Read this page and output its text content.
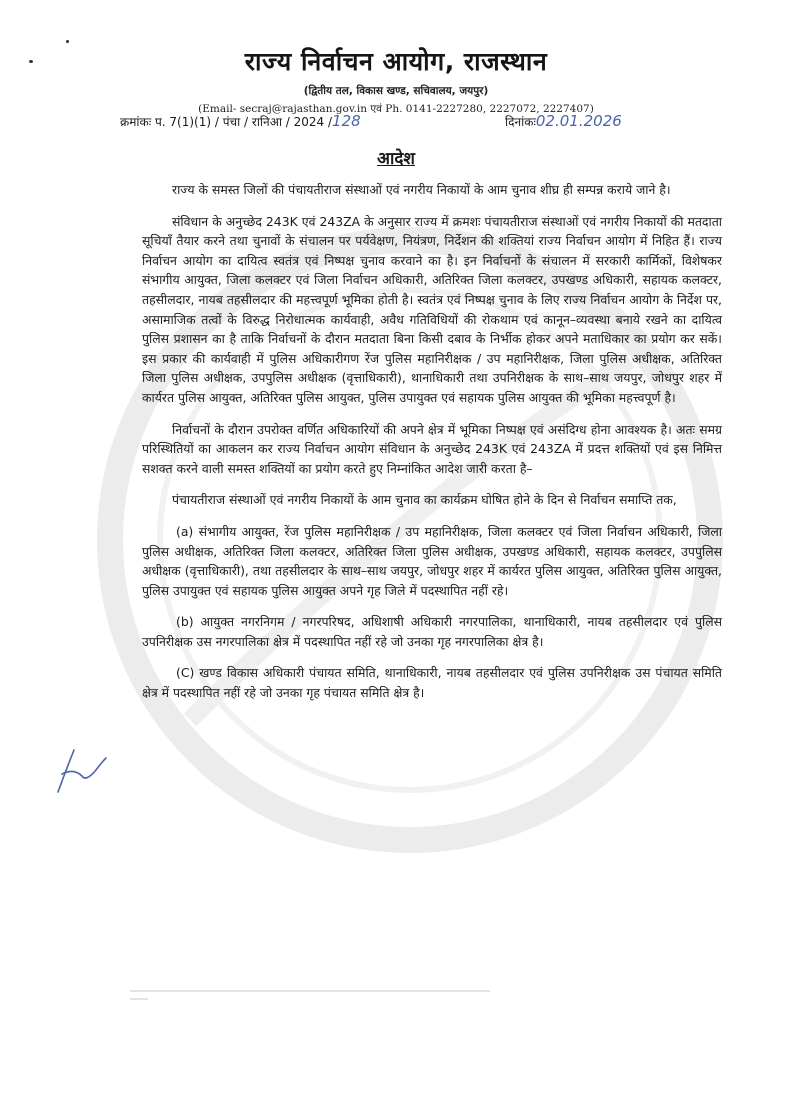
राज्य निर्वाचन आयोग, राजस्थान
(द्वितीय तल, विकास खण्ड, सचिवालय, जयपुर)
(Email- secraj@rajasthan.gov.in एवं Ph. 0141-2227280, 2227072, 2227407)
क्रमांकः प. 7(1)(1) / पंचा / रानिआ / 2024 /128	दिनांकः02.01.2026
आदेश

राज्य के समस्त जिलों की पंचायतीराज संस्थाओं एवं नगरीय निकायों के आम चुनाव शीघ्र ही सम्पन्न कराये जाने है।

संविधान के अनुच्छेद 243K एवं 243ZA के अनुसार राज्य में क्रमशः पंचायतीराज संस्थाओं एवं नगरीय निकायों की मतदाता सूचियाँ तैयार करने तथा चुनावों के संचालन पर पर्यवेक्षण, नियंत्रण, निर्देशन की शक्तियां राज्य निर्वाचन आयोग में निहित हैं। राज्य निर्वाचन आयोग का दायित्व स्वतंत्र एवं निष्पक्ष चुनाव करवाने का है। इन निर्वाचनों के संचालन में सरकारी कार्मिकों, विशेषकर संभागीय आयुक्त, जिला कलक्टर एवं जिला निर्वाचन अधिकारी, अतिरिक्त जिला कलक्टर, उपखण्ड अधिकारी, सहायक कलक्टर, तहसीलदार, नायब तहसीलदार की महत्त्वपूर्ण भूमिका होती है। स्वतंत्र एवं निष्पक्ष चुनाव के लिए राज्य निर्वाचन आयोग के निर्देश पर, असामाजिक तत्वों के विरुद्ध निरोधात्मक कार्यवाही, अवैध गतिविधियों की रोकथाम एवं कानून–व्यवस्था बनाये रखने का दायित्व पुलिस प्रशासन का है ताकि निर्वाचनों के दौरान मतदाता बिना किसी दबाव के निर्भीक होकर अपने मताधिकार का प्रयोग कर सकें। इस प्रकार की कार्यवाही में पुलिस अधिकारीगण रेंज पुलिस महानिरीक्षक / उप महानिरीक्षक, जिला पुलिस अधीक्षक, अतिरिक्त जिला पुलिस अधीक्षक, उपपुलिस अधीक्षक (वृत्ताधिकारी), थानाधिकारी तथा उपनिरीक्षक के साथ–साथ जयपुर, जोधपुर शहर में कार्यरत पुलिस आयुक्त, अतिरिक्त पुलिस आयुक्त, पुलिस उपायुक्त एवं सहायक पुलिस आयुक्त की भूमिका महत्त्वपूर्ण है।

निर्वाचनों के दौरान उपरोक्त वर्णित अधिकारियों की अपने क्षेत्र में भूमिका निष्पक्ष एवं असंदिग्ध होना आवश्यक है। अतः समग्र परिस्थितियों का आकलन कर राज्य निर्वाचन आयोग संविधान के अनुच्छेद 243K एवं 243ZA में प्रदत्त शक्तियों एवं इस निमित्त सशक्त करने वाली समस्त शक्तियों का प्रयोग करते हुए निम्नांकित आदेश जारी करता है–

पंचायतीराज संस्थाओं एवं नगरीय निकायों के आम चुनाव का कार्यक्रम घोषित होने के दिन से निर्वाचन समाप्ति तक,

(a) संभागीय आयुक्त, रेंज पुलिस महानिरीक्षक / उप महानिरीक्षक, जिला कलक्टर एवं जिला निर्वाचन अधिकारी, जिला पुलिस अधीक्षक, अतिरिक्त जिला कलक्टर, अतिरिक्त जिला पुलिस अधीक्षक, उपखण्ड अधिकारी, सहायक कलक्टर, उपपुलिस अधीक्षक (वृत्ताधिकारी), तथा तहसीलदार के साथ–साथ जयपुर, जोधपुर शहर में कार्यरत पुलिस आयुक्त, अतिरिक्त पुलिस आयुक्त, पुलिस उपायुक्त एवं सहायक पुलिस आयुक्त अपने गृह जिले में पदस्थापित नहीं रहे।

(b) आयुक्त नगरनिगम / नगरपरिषद, अधिशाषी अधिकारी नगरपालिका, थानाधिकारी, नायब तहसीलदार एवं पुलिस उपनिरीक्षक उस नगरपालिका क्षेत्र में पदस्थापित नहीं रहे जो उनका गृह नगरपालिका क्षेत्र है।

(C) खण्ड विकास अधिकारी पंचायत समिति, थानाधिकारी, नायब तहसीलदार एवं पुलिस उपनिरीक्षक उस पंचायत समिति क्षेत्र में पदस्थापित नहीं रहे जो उनका गृह पंचायत समिति क्षेत्र है।
